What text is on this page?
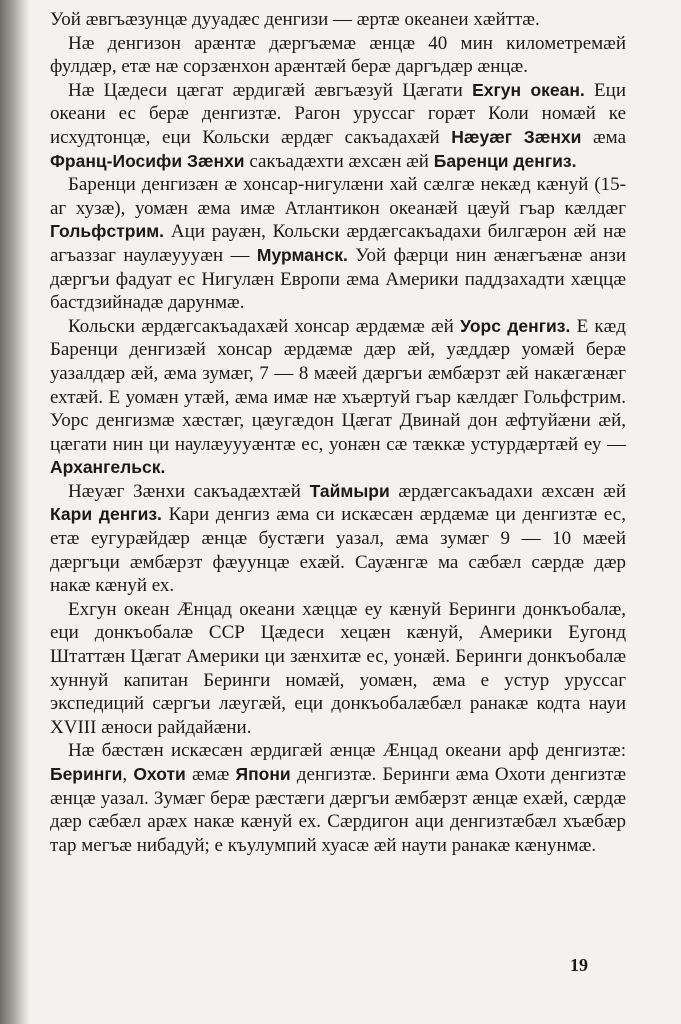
Уой æвгъæзунцæ дууадæс денгизи — æртæ океанеи хæйттæ.

Нæ денгизон арæнтæ дæргъæмæ æнцæ 40 мин километремæй фулдæр, етæ нæ сорзæнхон арæнтæй берæ даргъдæр æнцæ.

Нæ Цæдеси цæгат æрдигæй æвгъæзуй Цæгати Ехгун океан. Еци океани ес берæ денгизтæ. Рагон уруссаг горæт Коли номæй ке исхудтонцæ, еци Кольски æрдæг сакъадахæй Нæуæг Зæнхи æма Франц-Иосифи Зæнхи сакъадæхти æхсæн æй Баренци денгиз.

Баренци денгизæн æ хонсар-нигулæни хай сæлгæ некæд кæнуй (15-аг хузæ), уомæн æма имæ Атлантикон океанæй цæуй гъар кæлдæг Гольфстрим. Аци рауæн, Кольски æрдæгсакъадахи билгæрон æй нæ агъаззаг наулæуууæн — Мурманск. Уой фæрци нин æнæгъæнæ анзи дæргъи фадуат ес Нигулæн Европи æма Америки паддзахадти хæццæ бастдзийнадæ дарунмæ.

Кольски æрдæгсакъадахæй хонсар æрдæмæ æй Уорс денгиз. Е кæд Баренци денгизæй хонсар æрдæмæ дæр æй, уæддæр уомæй берæ уазалдæр æй, æма зумæг, 7 — 8 мæей дæргъи æмбæрзт æй накæгæнæг ехтæй. Е уомæн утæй, æма имæ нæ хъæртуй гъар кæлдæг Гольфстрим. Уорс денгизмæ хæстæг, цæугæдон Цæгат Двинай дон æфтуйæни æй, цæгати нин ци наулæуууæнтæ ес, уонæн сæ тæккæ устурдæртæй еу — Архангельск.

Нæуæг Зæнхи сакъадæхтæй Таймыри æрдæгсакъадахи æхсæн æй Кари денгиз. Кари денгиз æма си искæсæн æрдæмæ ци денгизтæ ес, етæ еугурæйдæр æнцæ бустæги уазал, æма зумæг 9 — 10 мæей дæргъци æмбæрзт фæуунцæ ехæй. Сауæнгæ ма сæбæл сæрдæ дæр накæ кæнуй ех.

Ехгун океан Æнцад океани хæццæ еу кæнуй Беринги донкъобалæ, еци донкъобалæ ССР Цæдеси хецæн кæнуй, Америки Еугонд Штаттæн Цæгат Америки ци зæнхитæ ес, уонæй. Беринги донкъобалæ хуннуй капитан Беринги номæй, уомæн, æма е устур уруссаг экспедиций сæргъи лæугæй, еци донкъобалæбæл ранакæ кодта науи XVIII æноси райдайæни.

Нæ бæстæн искæсæн æрдигæй æнцæ Æнцад океани арф денгизтæ: Беринги, Охоти æмæ Япони денгизтæ. Беринги æма Охоти денгизтæ æнцæ уазал. Зумæг берæ рæстæги дæргъи æмбæрзт æнцæ ехæй, сæрдæ дæр сæбæл арæх накæ кæнуй ех. Сæрдигон аци денгизтæбæл хъæбæр тар мегъæ нибадуй; е къулумпий хуасæ æй наути ранакæ кæнунмæ.

19
